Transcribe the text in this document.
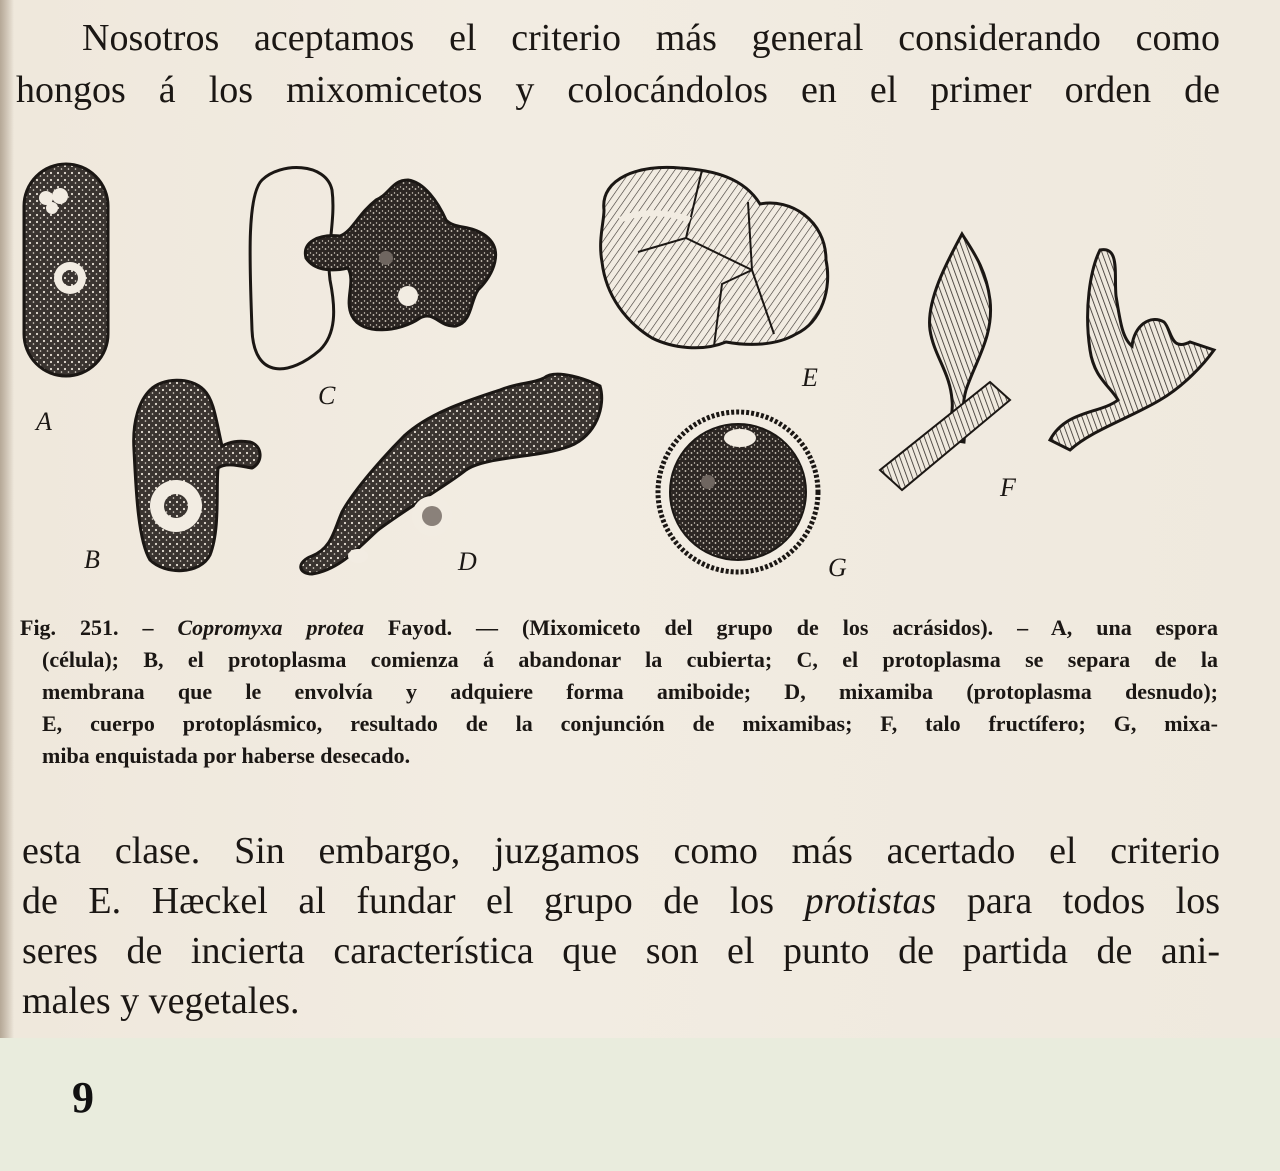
Nosotros aceptamos el criterio más general considerando como
hongos á los mixomicetos y colocándolos en el primer orden de

A
B
C
D
E
F
G

Fig. 251. – Copromyxa protea Fayod. — (Mixomiceto del grupo de los acrásidos). – A, una espora
(célula); B, el protoplasma comienza á abandonar la cubierta; C, el protoplasma se separa de la
membrana que le envolvía y adquiere forma amiboide; D, mixamiba (protoplasma desnudo);
E, cuerpo protoplásmico, resultado de la conjunción de mixamibas; F, talo fructífero; G, mixa-
miba enquistada por haberse desecado.

esta clase. Sin embargo, juzgamos como más acertado el criterio
de E. Hæckel al fundar el grupo de los protistas para todos los
seres de incierta característica que son el punto de partida de ani-
males y vegetales.

9
